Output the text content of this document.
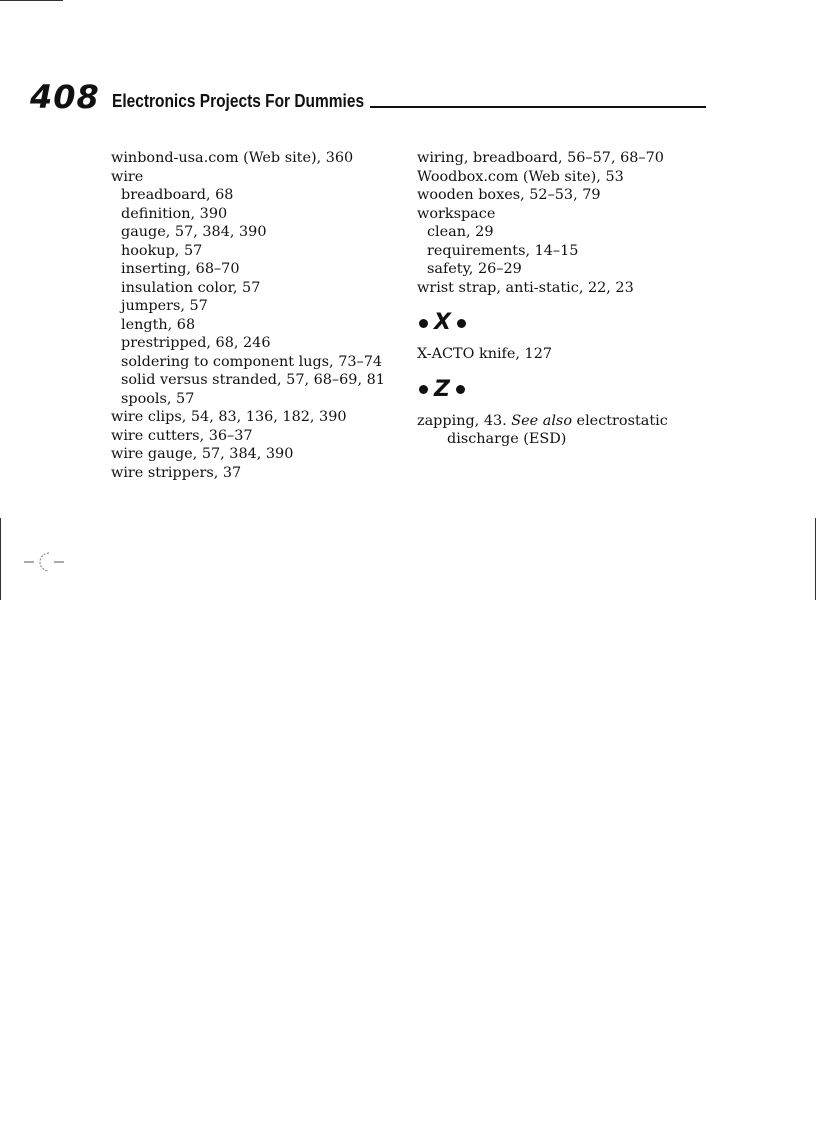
408 Electronics Projects For Dummies
winbond-usa.com (Web site), 360
wire
breadboard, 68
definition, 390
gauge, 57, 384, 390
hookup, 57
inserting, 68–70
insulation color, 57
jumpers, 57
length, 68
prestripped, 68, 246
soldering to component lugs, 73–74
solid versus stranded, 57, 68–69, 81
spools, 57
wire clips, 54, 83, 136, 182, 390
wire cutters, 36–37
wire gauge, 57, 384, 390
wire strippers, 37
wiring, breadboard, 56–57, 68–70
Woodbox.com (Web site), 53
wooden boxes, 52–53, 79
workspace
clean, 29
requirements, 14–15
safety, 26–29
wrist strap, anti-static, 22, 23
X
X-ACTO knife, 127
Z
zapping, 43. See also electrostatic
discharge (ESD)
